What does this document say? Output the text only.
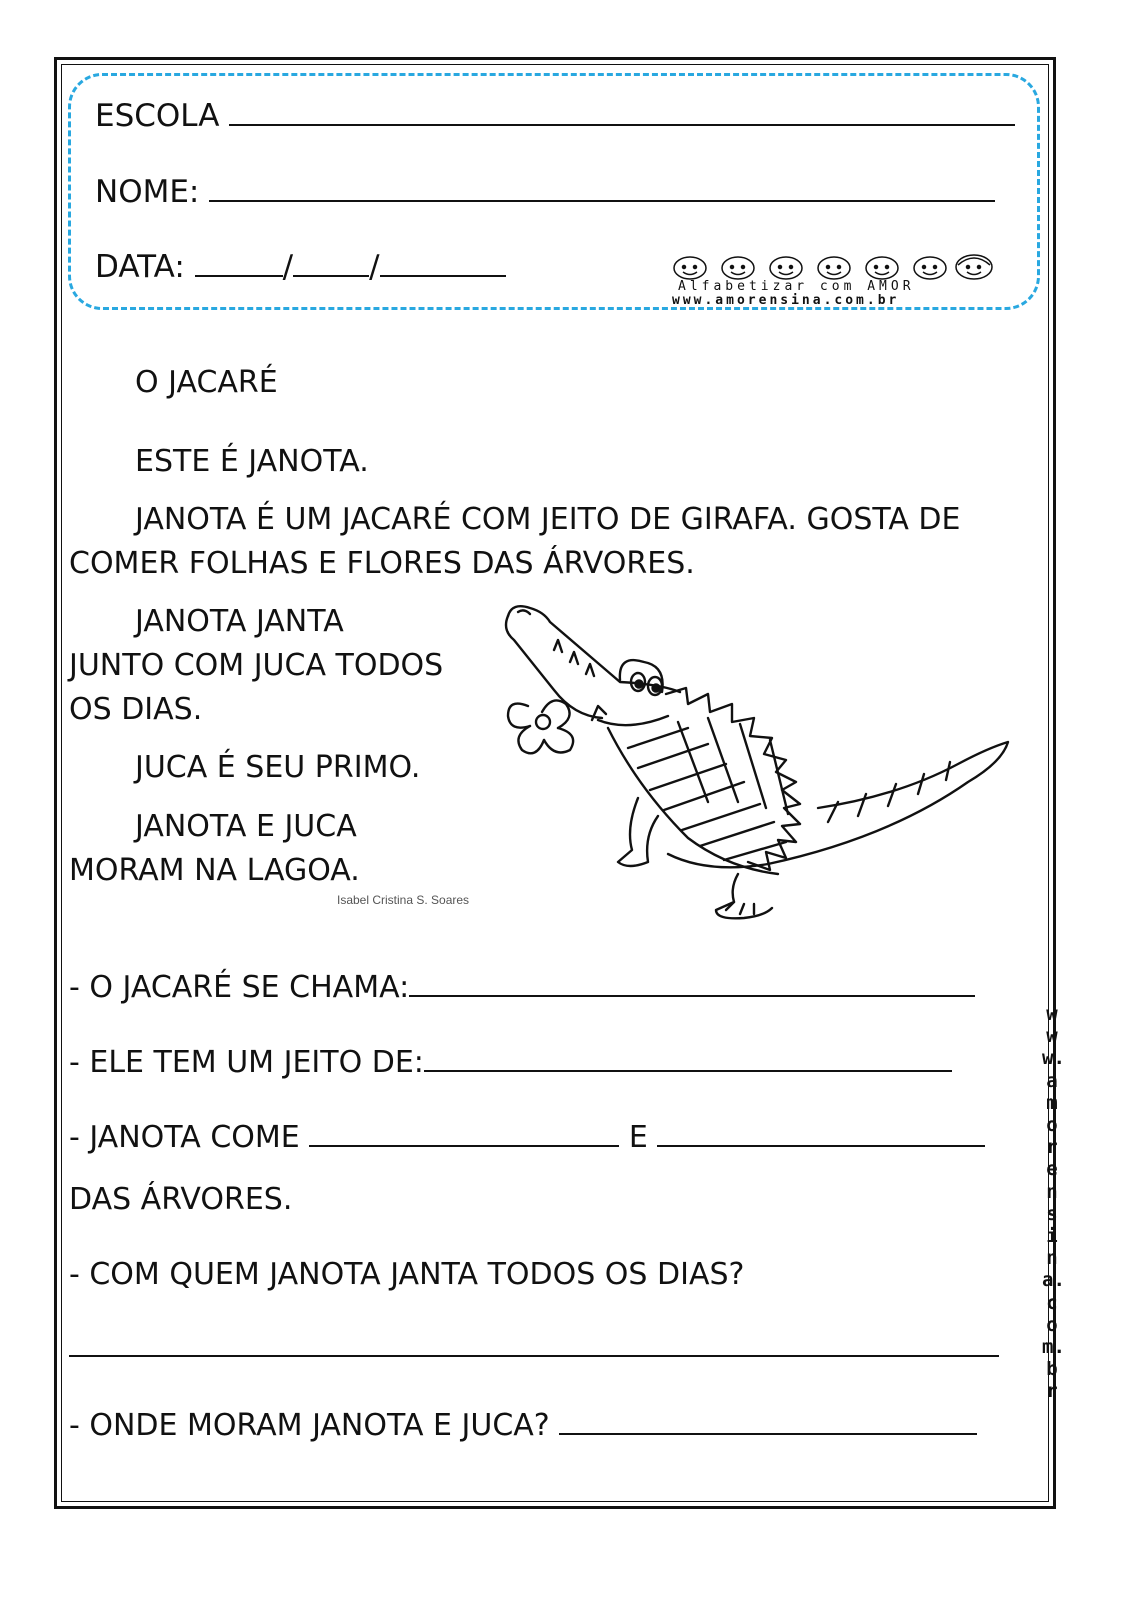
ESCOLA
NOME:
DATA:	/ /
Alfabetizar com AMOR
www.amorensina.com.br
O JACARÉ
ESTE É JANOTA.
JANOTA É UM JACARÉ COM JEITO DE GIRAFA. GOSTA DE
COMER FOLHAS E FLORES DAS ÁRVORES.
JANOTA JANTA
JUNTO COM JUCA TODOS
OS DIAS.
JUCA É SEU PRIMO.
JANOTA E JUCA
MORAM NA LAGOA.
Isabel Cristina S. Soares
- O JACARÉ SE CHAMA:
- ELE TEM UM JEITO DE:
- JANOTA COME	E
DAS ÁRVORES.
- COM QUEM JANOTA JANTA TODOS OS DIAS?
- ONDE MORAM JANOTA E JUCA?
www.amorensina.com.br
